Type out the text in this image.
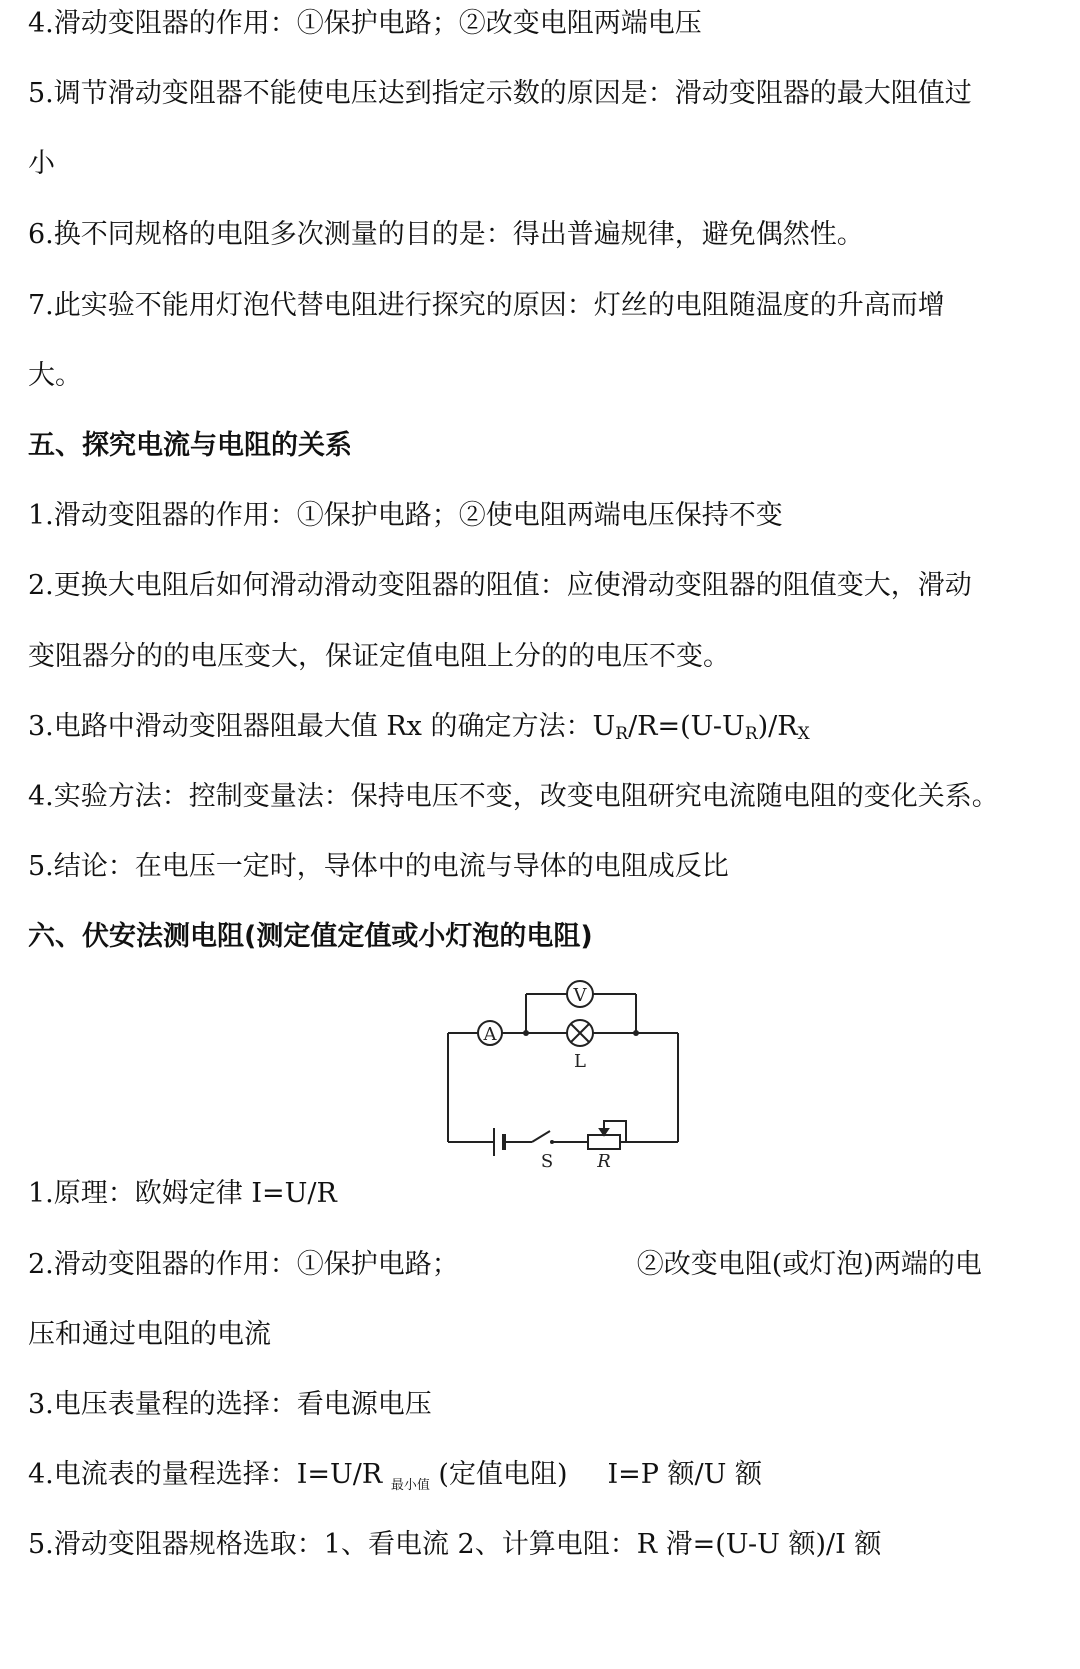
4.滑动变阻器的作用：①保护电路；②改变电阻两端电压
5.调节滑动变阻器不能使电压达到指定示数的原因是：滑动变阻器的最大阻值过
小
6.换不同规格的电阻多次测量的目的是：得出普遍规律，避免偶然性。
7.此实验不能用灯泡代替电阻进行探究的原因：灯丝的电阻随温度的升高而增
大。
五、探究电流与电阻的关系
1.滑动变阻器的作用：①保护电路；②使电阻两端电压保持不变
2.更换大电阻后如何滑动滑动变阻器的阻值：应使滑动变阻器的阻值变大，滑动
变阻器分的的电压变大，保证定值电阻上分的的电压不变。
3.电路中滑动变阻器阻最大值 Rx 的确定方法：$U_R/R=(U-U_R)/R_X$
4.实验方法：控制变量法：保持电压不变，改变电阻研究电流随电阻的变化关系。
5.结论：在电压一定时，导体中的电流与导体的电阻成反比
六、伏安法测电阻(测定值定值或小灯泡的电阻)
V
A
L
S R
1.原理：欧姆定律 I=U/R
2.滑动变阻器的作用：①保护电路；	②改变电阻(或灯泡)两端的电
压和通过电阻的电流
3.电压表量程的选择：看电源电压
4.电流表的量程选择：I=U/R $_{最小值}$ (定值电阻) I=P 额/U 额
5.滑动变阻器规格选取：1、看电流 2、计算电阻：R 滑=(U-U 额)/I 额
